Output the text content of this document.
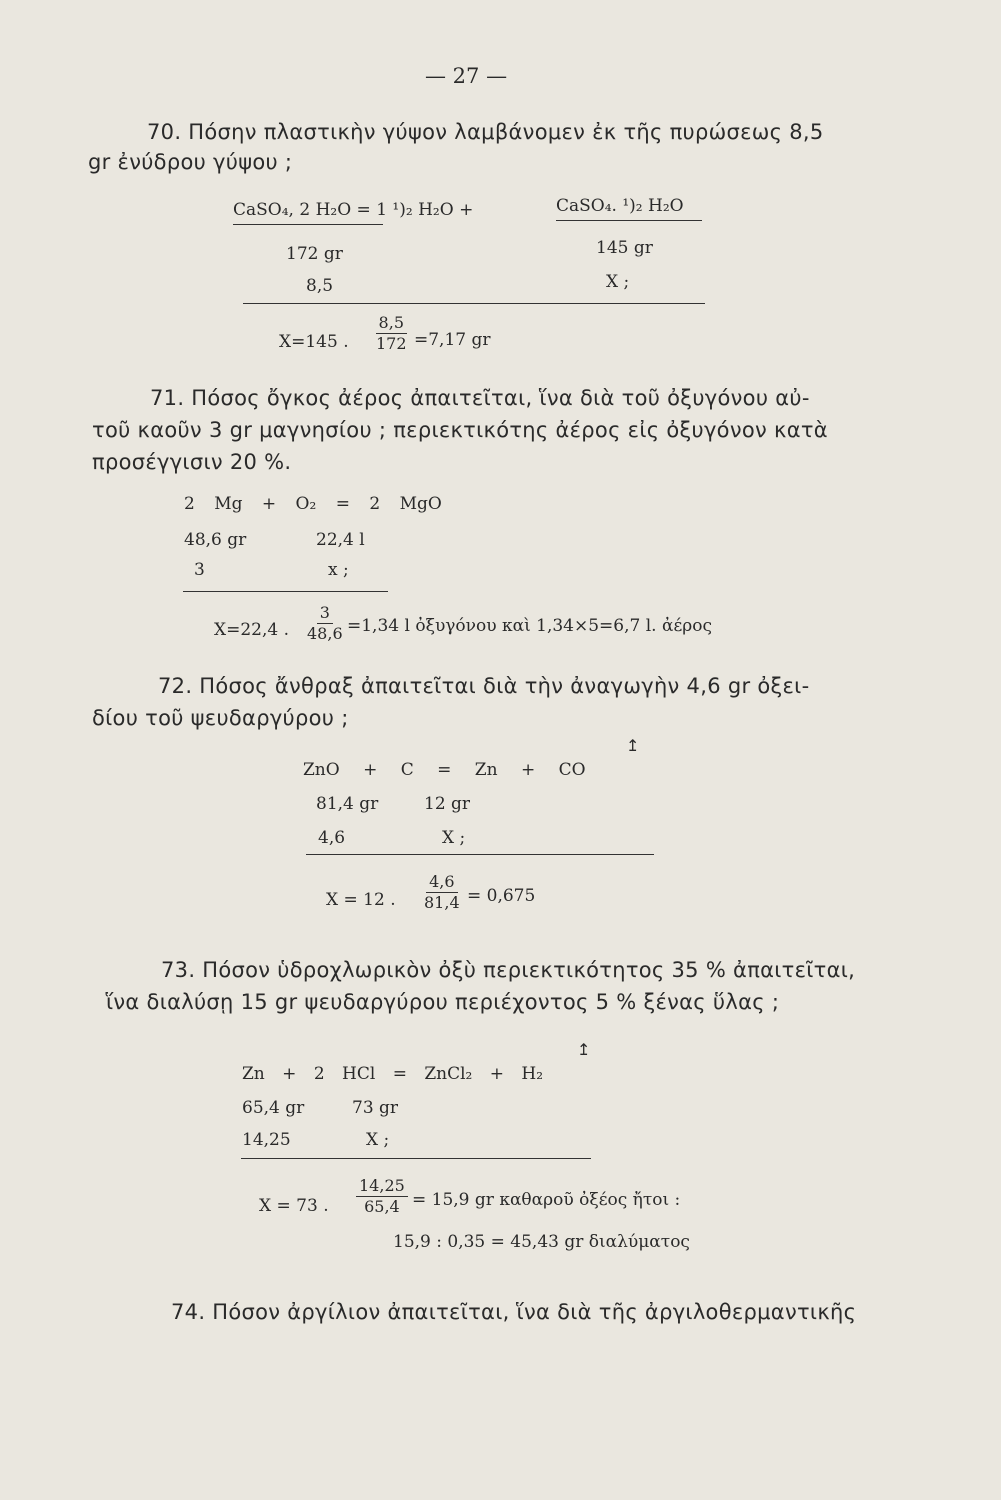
— 27 —
70. Πόσην πλαστικὴν γύψον λαμβάνομεν ἐκ τῆς πυρώσεως 8,5
gr ἐνύδρου γύψου ;
CaSO₄, 2 H₂O = 1 ¹)₂ H₂O +	CaSO₄. ¹)₂ H₂O
172 gr	145 gr
8,5	X ;
X=145 . $\frac{8,5}{172} =7,17$ gr
71. Πόσος ὄγκος ἀέρος ἀπαιτεῖται, ἵνα διὰ τοῦ ὀξυγόνου αὐ-
τοῦ καοῦν 3 gr μαγνησίου ; περιεκτικότης ἀέρος εἰς ὀξυγόνον κατὰ
προσέγγισιν 20 %.
2 Mg + O₂ = 2 MgO
48,6 gr	22,4 l
3	x ;
X=22,4 . $\frac{3}{48,6} =1,34$ l ὀξυγόνου καὶ 1,34×5=6,7 l. ἀέρος
72. Πόσος ἄνθραξ ἀπαιτεῖται διὰ τὴν ἀναγωγὴν 4,6 gr ὀξει-
δίου τοῦ ψευδαργύρου ;
↥
ZnO + C = Zn + CO
81,4 gr	12 gr
4,6	X ;
X = 12 . $\frac{4,6}{81,4} = 0,675$
73. Πόσον ὑδροχλωρικὸν ὀξὺ περιεκτικότητος 35 % ἀπαιτεῖται,
ἵνα διαλύσῃ 15 gr ψευδαργύρου περιέχοντος 5 % ξένας ὕλας ;
↥
Zn + 2 HCl = ZnCl₂ + H₂
65,4 gr	73 gr
14,25	X ;
X = 73 . $\frac{14,25}{65,4} = 15,9$ gr καθαροῦ ὀξέος ἤτοι :
15,9 : 0,35 = 45,43 gr διαλύματος
74. Πόσον ἀργίλιον ἀπαιτεῖται, ἵνα διὰ τῆς ἀργιλοθερμαντικῆς
